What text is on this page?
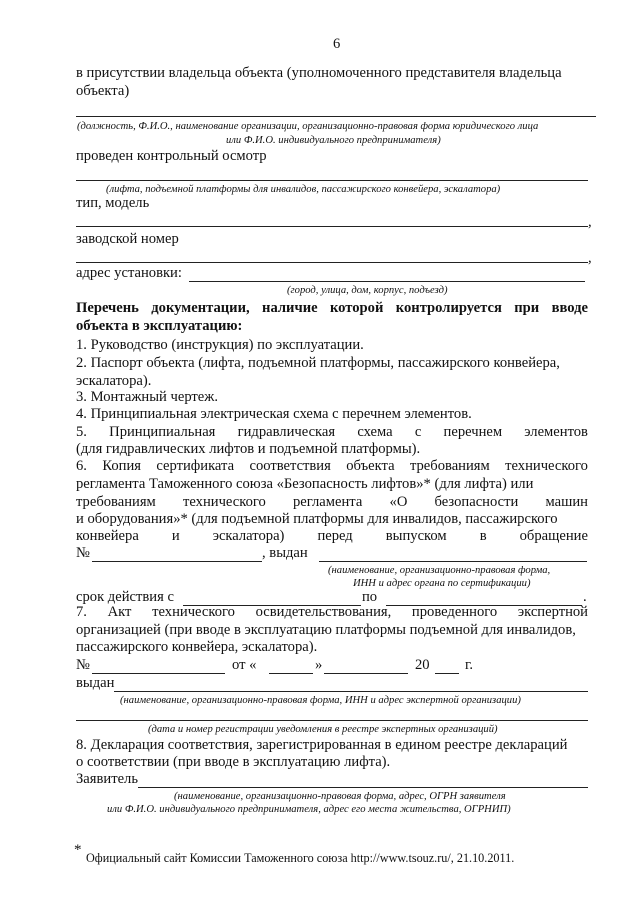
6
в присутствии владельца объекта (уполномоченного представителя владельца
объекта)
(должность, Ф.И.О., наименование организации, организационно-правовая форма юридического лица
или Ф.И.О. индивидуального предпринимателя)
проведен контрольный осмотр
(лифта, подъемной платформы для инвалидов, пассажирского конвейера, эскалатора)
тип, модель
,
заводской номер
,
адрес установки:
(город, улица, дом, корпус, подъезд)
Перечень документации, наличие которой контролируется при вводе
объекта в эксплуатацию:
1. Руководство (инструкция) по эксплуатации.
2. Паспорт объекта (лифта, подъемной платформы, пассажирского конвейера,
эскалатора).
3. Монтажный чертеж.
4. Принципиальная электрическая схема с перечнем элементов.
5. Принципиальная гидравлическая схема с перечнем элементов
(для гидравлических лифтов и подъемной платформы).
6. Копия сертификата соответствия объекта требованиям технического
регламента Таможенного союза «Безопасность лифтов»* (для лифта) или
требованиям технического регламента «О безопасности машин
и оборудования»* (для подъемной платформы для инвалидов, пассажирского
конвейера и эскалатора) перед выпуском в обращение
№	, выдан
(наименование, организационно-правовая форма,
ИНН и адрес органа по сертификации)
срок действия с	по	.
7. Акт технического освидетельствования, проведенного экспертной
организацией (при вводе в эксплуатацию платформы подъемной для инвалидов,
пассажирского конвейера, эскалатора).
№	от «	»	20 г.
выдан
(наименование, организационно-правовая форма, ИНН и адрес экспертной организации)
(дата и номер регистрации уведомления в реестре экспертных организаций)
8. Декларация соответствия, зарегистрированная в едином реестре деклараций
о соответствии (при вводе в эксплуатацию лифта).
Заявитель
(наименование, организационно-правовая форма, адрес, ОГРН заявителя
или Ф.И.О. индивидуального предпринимателя, адрес его места жительства, ОГРНИП)
* Официальный сайт Комиссии Таможенного союза http://www.tsouz.ru/, 21.10.2011.
